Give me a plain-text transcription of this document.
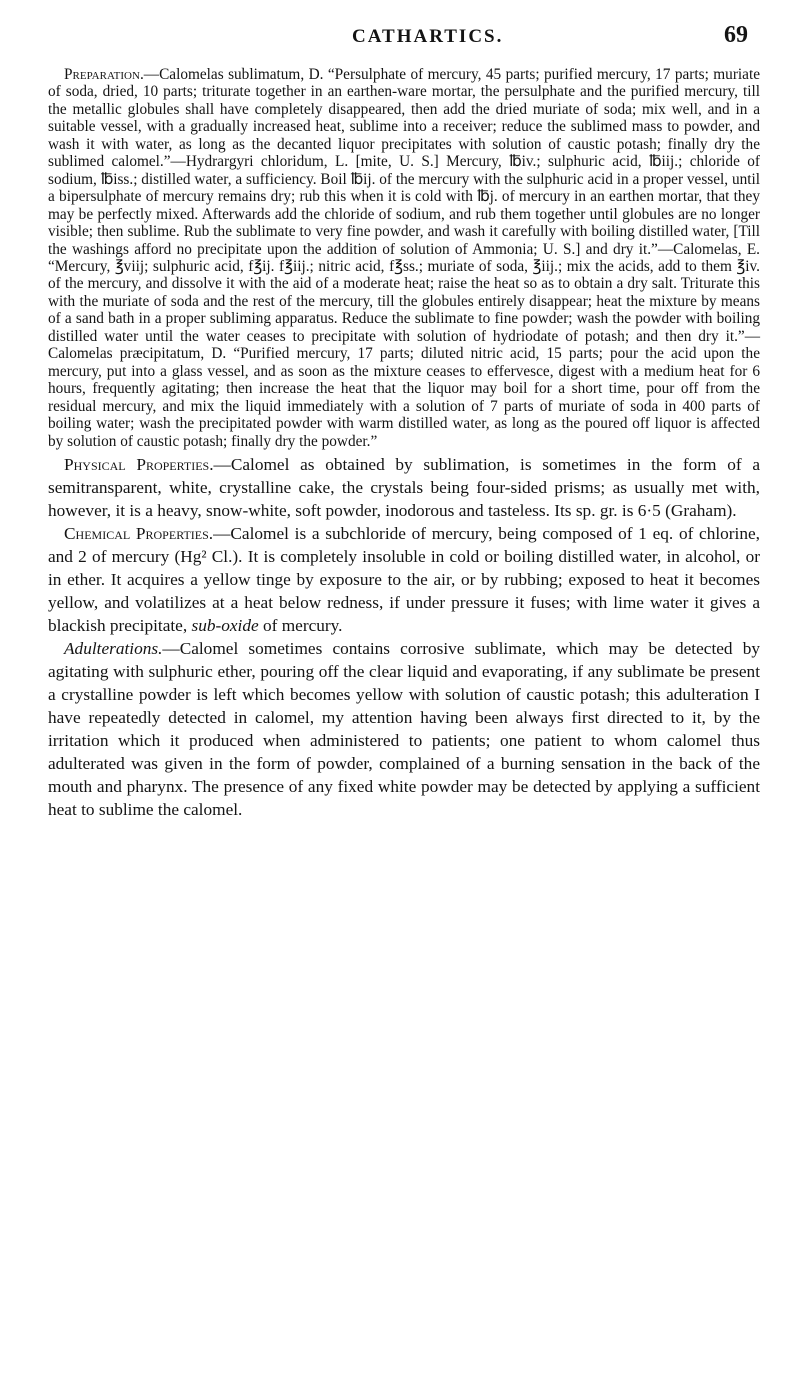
CATHARTICS.	69

Preparation.—Calomelas sublimatum, D. “Persulphate of mercury, 45 parts; purified mercury, 17 parts; muriate of soda, dried, 10 parts; triturate together in an earthen-ware mortar, the persulphate and the purified mercury, till the metallic globules shall have completely disappeared, then add the dried muriate of soda; mix well, and in a suitable vessel, with a gradually increased heat, sublime into a receiver; reduce the sublimed mass to powder, and wash it with water, as long as the decanted liquor precipitates with solution of caustic potash; finally dry the sublimed calomel.”—Hydrargyri chloridum, L. [mite, U. S.] Mercury, ℔iv.; sulphuric acid, ℔iij.; chloride of sodium, ℔iss.; distilled water, a sufficiency. Boil ℔ij. of the mercury with the sulphuric acid in a proper vessel, until a bipersulphate of mercury remains dry; rub this when it is cold with ℔j. of mercury in an earthen mortar, that they may be perfectly mixed. Afterwards add the chloride of sodium, and rub them together until globules are no longer visible; then sublime. Rub the sublimate to very fine powder, and wash it carefully with boiling distilled water, [Till the washings afford no precipitate upon the addition of solution of Ammonia; U. S.] and dry it.”—Calomelas, E. “Mercury, ℥viij; sulphuric acid, f℥ij. f℥iij.; nitric acid, f℥ss.; muriate of soda, ℥iij.; mix the acids, add to them ℥iv. of the mercury, and dissolve it with the aid of a moderate heat; raise the heat so as to obtain a dry salt. Triturate this with the muriate of soda and the rest of the mercury, till the globules entirely disappear; heat the mixture by means of a sand bath in a proper subliming apparatus. Reduce the sublimate to fine powder; wash the powder with boiling distilled water until the water ceases to precipitate with solution of hydriodate of potash; and then dry it.”—Calomelas præcipitatum, D. “Purified mercury, 17 parts; diluted nitric acid, 15 parts; pour the acid upon the mercury, put into a glass vessel, and as soon as the mixture ceases to effervesce, digest with a medium heat for 6 hours, frequently agitating; then increase the heat that the liquor may boil for a short time, pour off from the residual mercury, and mix the liquid immediately with a solution of 7 parts of muriate of soda in 400 parts of boiling water; wash the precipitated powder with warm distilled water, as long as the poured off liquor is affected by solution of caustic potash; finally dry the powder.”

Physical Properties.—Calomel as obtained by sublimation, is sometimes in the form of a semitransparent, white, crystalline cake, the crystals being four-sided prisms; as usually met with, however, it is a heavy, snow-white, soft powder, inodorous and tasteless. Its sp. gr. is 6·5 (Graham).

Chemical Properties.—Calomel is a subchloride of mercury, being composed of 1 eq. of chlorine, and 2 of mercury (Hg² Cl.). It is completely insoluble in cold or boiling distilled water, in alcohol, or in ether. It acquires a yellow tinge by exposure to the air, or by rubbing; exposed to heat it becomes yellow, and volatilizes at a heat below redness, if under pressure it fuses; with lime water it gives a blackish precipitate, sub-oxide of mercury.

Adulterations.—Calomel sometimes contains corrosive sublimate, which may be detected by agitating with sulphuric ether, pouring off the clear liquid and evaporating, if any sublimate be present a crystalline powder is left which becomes yellow with solution of caustic potash; this adulteration I have repeatedly detected in calomel, my attention having been always first directed to it, by the irritation which it produced when administered to patients; one patient to whom calomel thus adulterated was given in the form of powder, complained of a burning sensation in the back of the mouth and pharynx. The presence of any fixed white powder may be detected by applying a sufficient heat to sublime the calomel.
